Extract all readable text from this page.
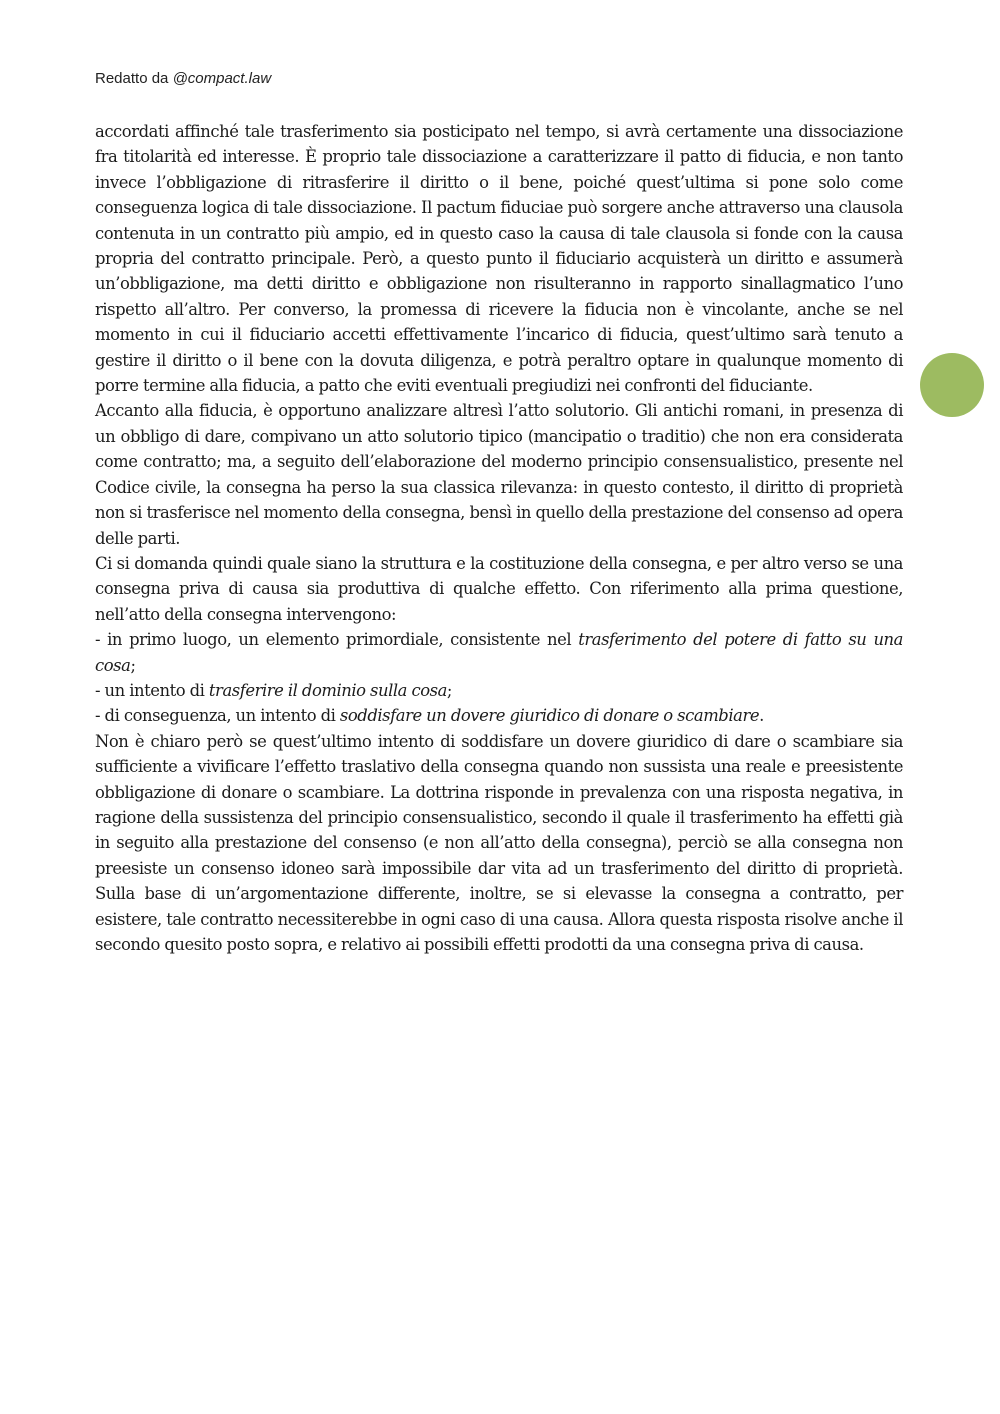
Redatto da @compact.law

accordati affinché tale trasferimento sia posticipato nel tempo, si avrà certamente una dissociazione fra titolarità ed interesse. È proprio tale dissociazione a caratterizzare il patto di fiducia, e non tanto invece l’obbligazione di ritrasferire il diritto o il bene, poiché quest’ultima si pone solo come conseguenza logica di tale dissociazione. Il pactum fiduciae può sorgere anche attraverso una clausola contenuta in un contratto più ampio, ed in questo caso la causa di tale clausola si fonde con la causa propria del contratto principale. Però, a questo punto il fiduciario acquisterà un diritto e assumerà un’obbligazione, ma detti diritto e obbligazione non risulteranno in rapporto sinallagmatico l’uno rispetto all’altro. Per converso, la promessa di ricevere la fiducia non è vincolante, anche se nel momento in cui il fiduciario accetti effettivamente l’incarico di fiducia, quest’ultimo sarà tenuto a gestire il diritto o il bene con la dovuta diligenza, e potrà peraltro optare in qualunque momento di porre termine alla fiducia, a patto che eviti eventuali pregiudizi nei confronti del fiduciante.

Accanto alla fiducia, è opportuno analizzare altresì l’atto solutorio. Gli antichi romani, in presenza di un obbligo di dare, compivano un atto solutorio tipico (mancipatio o traditio) che non era considerata come contratto; ma, a seguito dell’elaborazione del moderno principio consensualistico, presente nel Codice civile, la consegna ha perso la sua classica rilevanza: in questo contesto, il diritto di proprietà non si trasferisce nel momento della consegna, bensì in quello della prestazione del consenso ad opera delle parti.

Ci si domanda quindi quale siano la struttura e la costituzione della consegna, e per altro verso se una consegna priva di causa sia produttiva di qualche effetto. Con riferimento alla prima questione, nell’atto della consegna intervengono:

- in primo luogo, un elemento primordiale, consistente nel trasferimento del potere di fatto su una cosa;

- un intento di trasferire il dominio sulla cosa;

- di conseguenza, un intento di soddisfare un dovere giuridico di donare o scambiare.

Non è chiaro però se quest’ultimo intento di soddisfare un dovere giuridico di dare o scambiare sia sufficiente a vivificare l’effetto traslativo della consegna quando non sussista una reale e preesistente obbligazione di donare o scambiare. La dottrina risponde in prevalenza con una risposta negativa, in ragione della sussistenza del principio consensualistico, secondo il quale il trasferimento ha effetti già in seguito alla prestazione del consenso (e non all’atto della consegna), perciò se alla consegna non preesiste un consenso idoneo sarà impossibile dar vita ad un trasferimento del diritto di proprietà. Sulla base di un’argomentazione differente, inoltre, se si elevasse la consegna a contratto, per esistere, tale contratto necessiterebbe in ogni caso di una causa. Allora questa risposta risolve anche il secondo quesito posto sopra, e relativo ai possibili effetti prodotti da una consegna priva di causa.
